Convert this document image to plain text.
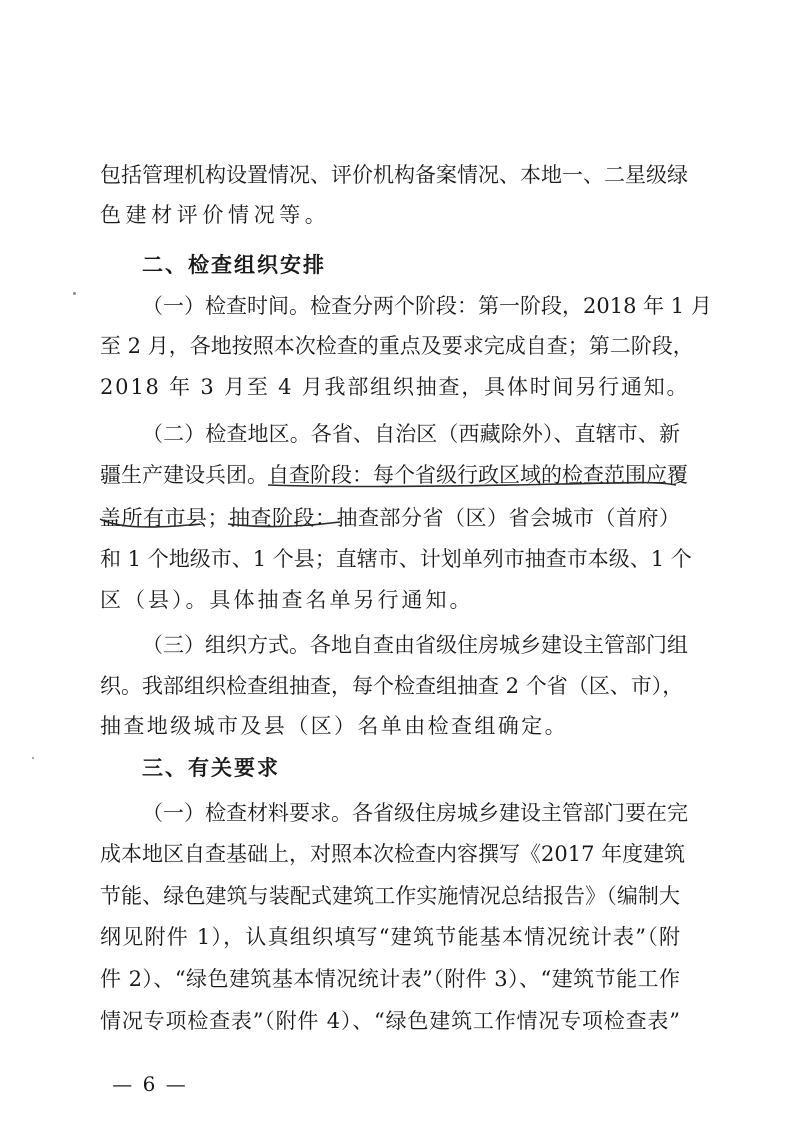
包括管理机构设置情况、评价机构备案情况、本地一、二星级绿
色建材评价情况等。
二、检查组织安排
（一）检查时间。检查分两个阶段：第一阶段，2018 年 1 月
至 2 月，各地按照本次检查的重点及要求完成自查；第二阶段，
2018 年 3 月至 4 月我部组织抽查，具体时间另行通知。
（二）检查地区。各省、自治区（西藏除外）、直辖市、新
疆生产建设兵团。自查阶段：每个省级行政区域的检查范围应覆
盖所有市县；抽查阶段：抽查部分省（区）省会城市（首府）
和 1 个地级市、1 个县；直辖市、计划单列市抽查市本级、1 个
区（县）。具体抽查名单另行通知。
（三）组织方式。各地自查由省级住房城乡建设主管部门组
织。我部组织检查组抽查，每个检查组抽查 2 个省（区、市），
抽查地级城市及县（区）名单由检查组确定。
三、有关要求
（一）检查材料要求。各省级住房城乡建设主管部门要在完
成本地区自查基础上，对照本次检查内容撰写《2017 年度建筑
节能、绿色建筑与装配式建筑工作实施情况总结报告》（编制大
纲见附件 1），认真组织填写“建筑节能基本情况统计表”（附
件 2）、“绿色建筑基本情况统计表”（附件 3）、“建筑节能工作
情况专项检查表”（附件 4）、“绿色建筑工作情况专项检查表”
— 6 —
